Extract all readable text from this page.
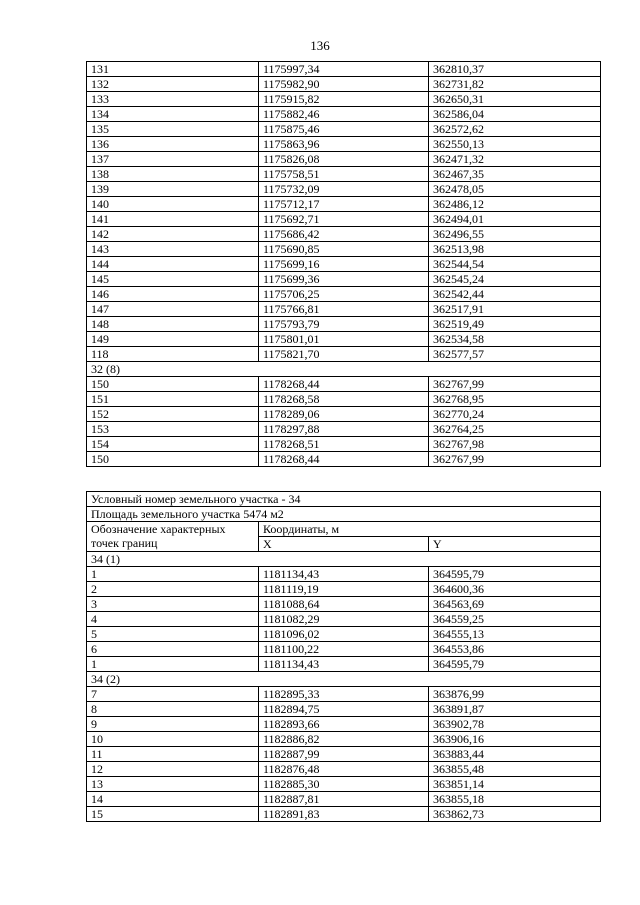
136
131	1175997,34	362810,37
132	1175982,90	362731,82
133	1175915,82	362650,31
134	1175882,46	362586,04
135	1175875,46	362572,62
136	1175863,96	362550,13
137	1175826,08	362471,32
138	1175758,51	362467,35
139	1175732,09	362478,05
140	1175712,17	362486,12
141	1175692,71	362494,01
142	1175686,42	362496,55
143	1175690,85	362513,98
144	1175699,16	362544,54
145	1175699,36	362545,24
146	1175706,25	362542,44
147	1175766,81	362517,91
148	1175793,79	362519,49
149	1175801,01	362534,58
118	1175821,70	362577,57
32 (8)		
150	1178268,44	362767,99
151	1178268,58	362768,95
152	1178289,06	362770,24
153	1178297,88	362764,25
154	1178268,51	362767,98
150	1178268,44	362767,99
Условный номер земельного участка - 34		
Площадь земельного участка 5474 м2		

Обозначение характерных
точек границ	Координаты, м	
	X	Y
34 (1)		
1	1181134,43	364595,79
2	1181119,19	364600,36
3	1181088,64	364563,69
4	1181082,29	364559,25
5	1181096,02	364555,13
6	1181100,22	364553,86
1	1181134,43	364595,79
34 (2)		
7	1182895,33	363876,99
8	1182894,75	363891,87
9	1182893,66	363902,78
10	1182886,82	363906,16
11	1182887,99	363883,44
12	1182876,48	363855,48
13	1182885,30	363851,14
14	1182887,81	363855,18
15	1182891,83	363862,73
